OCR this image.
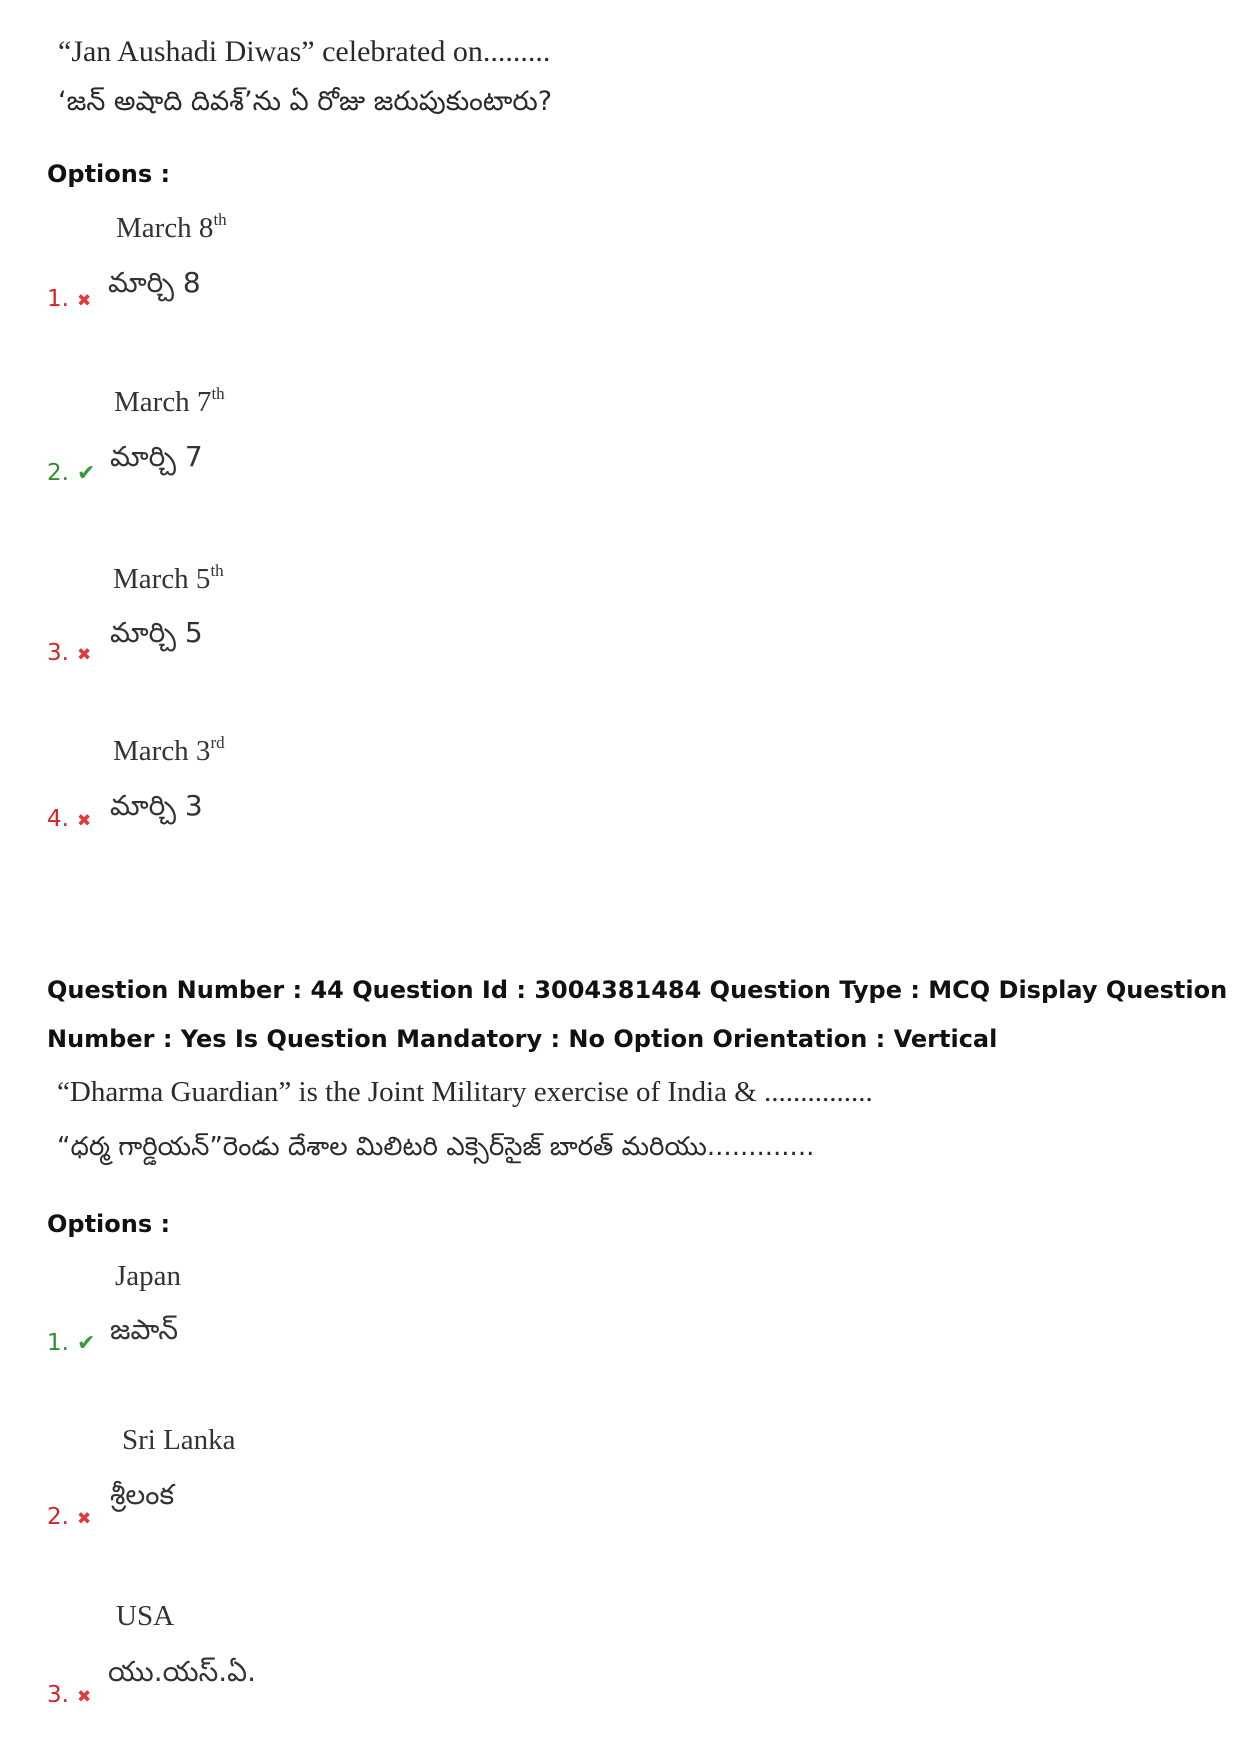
“Jan Aushadi Diwas” celebrated on.........
‘జన్ అషాది దివశ్’ను ఏ రోజు జరుపుకుంటారు?
Options :
March 8th
మార్చి 8
1. ✖
March 7th
మార్చి 7
2. ✔
March 5th
మార్చి 5
3. ✖
March 3rd
మార్చి 3
4. ✖
Question Number : 44 Question Id : 3004381484 Question Type : MCQ Display Question
Number : Yes Is Question Mandatory : No Option Orientation : Vertical
“Dharma Guardian” is the Joint Military exercise of India & ...............
“ధర్మ గార్డియన్”రెండు దేశాల మిలిటరి ఎక్సెర్‌సైజ్ బారత్ మరియు.............
Options :
Japan
జపాన్
1. ✔
Sri Lanka
శ్రీలంక
2. ✖
USA
యు.యస్.ఏ.
3. ✖
